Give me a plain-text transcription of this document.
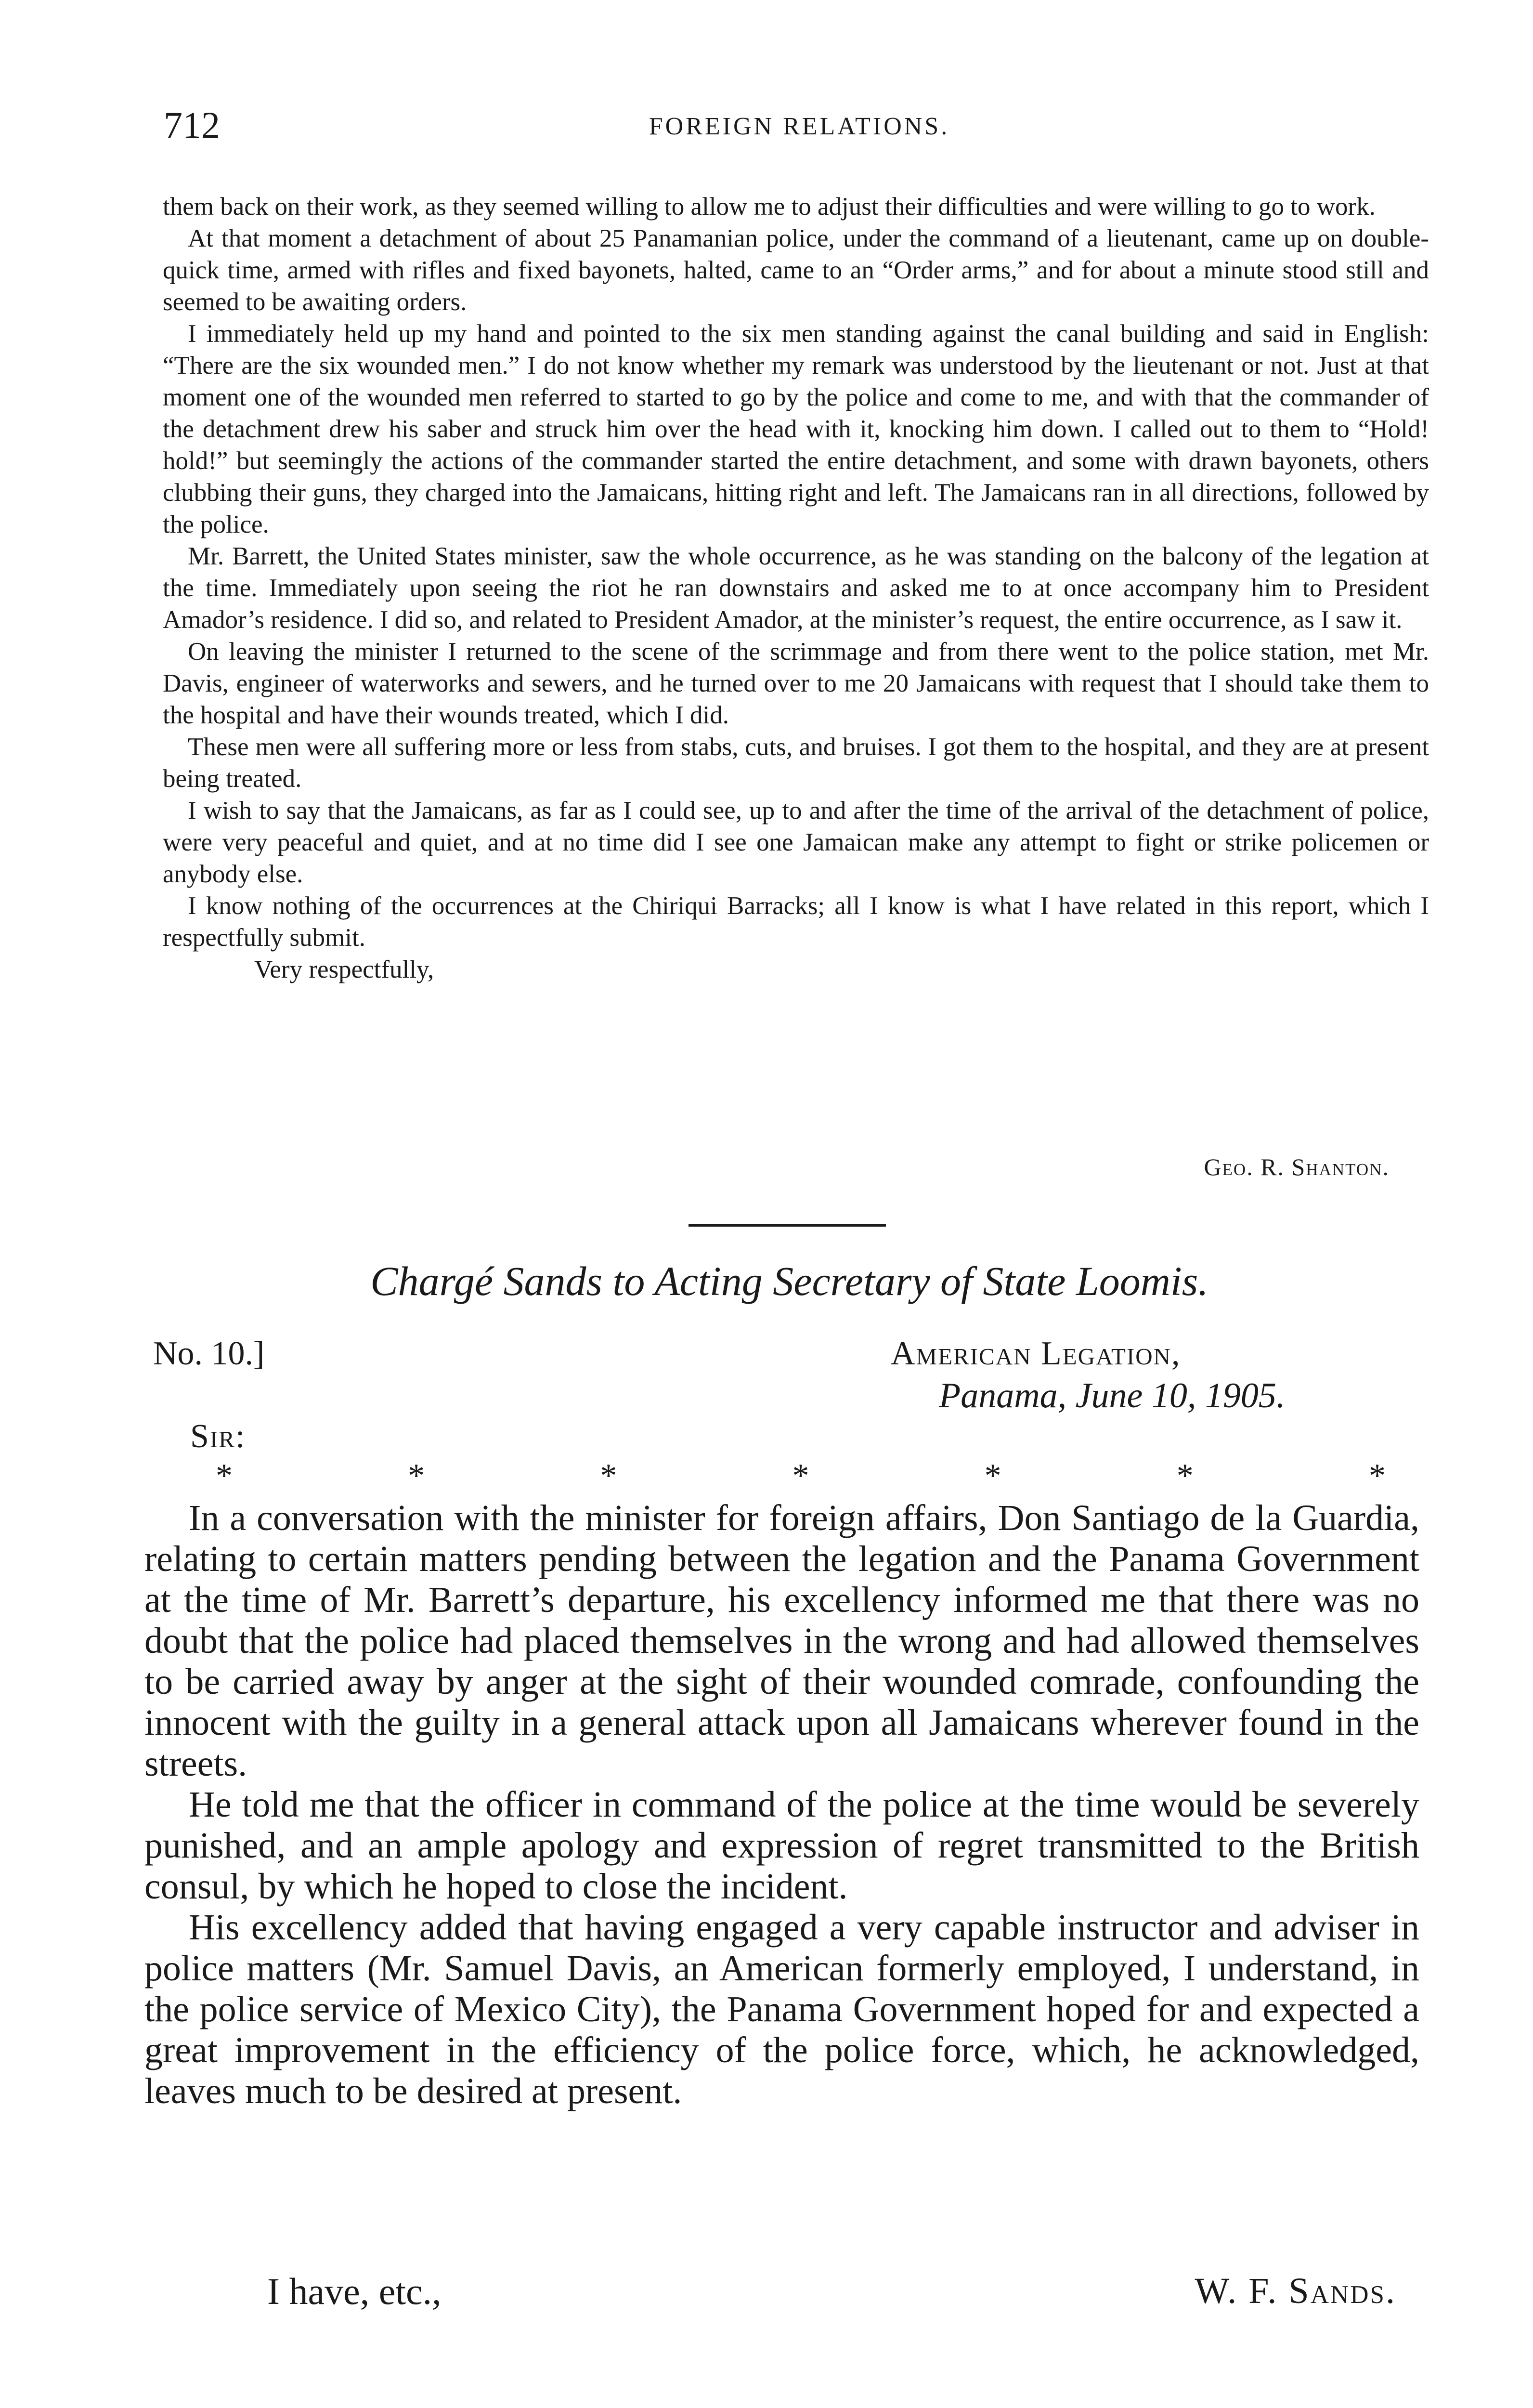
712	FOREIGN RELATIONS.

them back on their work, as they seemed willing to allow me to adjust their difficulties and were willing to go to work.

At that moment a detachment of about 25 Panamanian police, under the command of a lieutenant, came up on double-quick time, armed with rifles and fixed bayonets, halted, came to an “Order arms,” and for about a minute stood still and seemed to be awaiting orders.

I immediately held up my hand and pointed to the six men standing against the canal building and said in English: “There are the six wounded men.” I do not know whether my remark was understood by the lieutenant or not. Just at that moment one of the wounded men referred to started to go by the police and come to me, and with that the commander of the detachment drew his saber and struck him over the head with it, knocking him down. I called out to them to “Hold! hold!” but seemingly the actions of the commander started the entire detachment, and some with drawn bayonets, others clubbing their guns, they charged into the Jamaicans, hitting right and left. The Jamaicans ran in all directions, followed by the police.

Mr. Barrett, the United States minister, saw the whole occurrence, as he was standing on the balcony of the legation at the time. Immediately upon seeing the riot he ran downstairs and asked me to at once accompany him to President Amador’s residence. I did so, and related to President Amador, at the minister’s request, the entire occurrence, as I saw it.

On leaving the minister I returned to the scene of the scrimmage and from there went to the police station, met Mr. Davis, engineer of waterworks and sewers, and he turned over to me 20 Jamaicans with request that I should take them to the hospital and have their wounds treated, which I did.

These men were all suffering more or less from stabs, cuts, and bruises. I got them to the hospital, and they are at present being treated.

I wish to say that the Jamaicans, as far as I could see, up to and after the time of the arrival of the detachment of police, were very peaceful and quiet, and at no time did I see one Jamaican make any attempt to fight or strike policemen or anybody else.

I know nothing of the occurrences at the Chiriqui Barracks; all I know is what I have related in this report, which I respectfully submit.

Very respectfully,

Geo. R. Shanton.
Chargé Sands to Acting Secretary of State Loomis.
No. 10.]	American Legation,
Panama, June 10, 1905.
Sir:
*	*	*	*	*	*	*

In a conversation with the minister for foreign affairs, Don Santiago de la Guardia, relating to certain matters pending between the legation and the Panama Government at the time of Mr. Barrett’s departure, his excellency informed me that there was no doubt that the police had placed themselves in the wrong and had allowed themselves to be carried away by anger at the sight of their wounded comrade, confounding the innocent with the guilty in a general attack upon all Jamaicans wherever found in the streets.

He told me that the officer in command of the police at the time would be severely punished, and an ample apology and expression of regret transmitted to the British consul, by which he hoped to close the incident.

His excellency added that having engaged a very capable instructor and adviser in police matters (Mr. Samuel Davis, an American formerly employed, I understand, in the police service of Mexico City), the Panama Government hoped for and expected a great improvement in the efficiency of the police force, which, he acknowledged, leaves much to be desired at present.

I have, etc.,	W. F. Sands.
